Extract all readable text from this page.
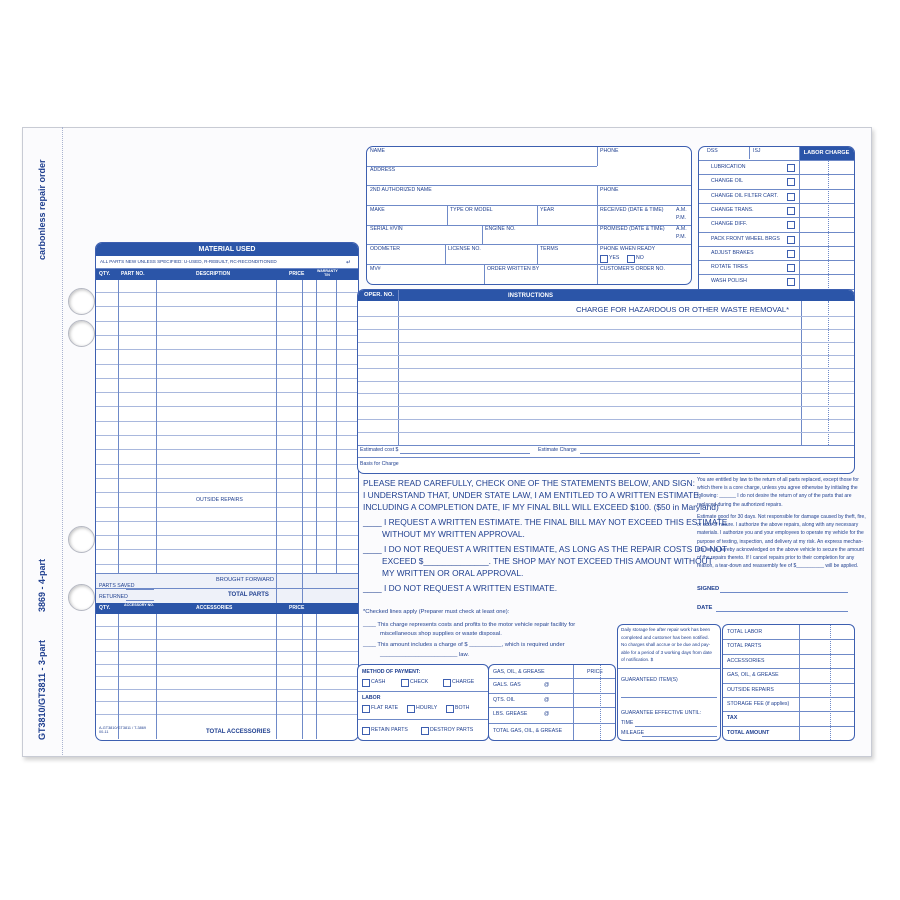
carbonless repair order
3869 - 4-part
GT3810/GT3811 - 3-part
MATERIAL USED
ALL PARTS NEW UNLESS SPECIFIED: U-USED, R-REBUILT, RC-RECONDITIONED	↵
QTY. PART NO.	DESCRIPTION	PRICE	WARRANTY T/N
OUTSIDE REPAIRS
BROUGHT FORWARD
PARTS SAVED
RETURNED	TOTAL PARTS
QTY.	ACCESSORY NO.	ACCESSORIES	PRICE
A-GT3810/GT3811 / T-3869
00-11	TOTAL ACCESSORIES
NAME	PHONE
ADDRESS
2ND AUTHORIZED NAME	PHONE
MAKE	TYPE OR MODEL	YEAR	RECEIVED (DATE & TIME) A.M.
P.M.
SERIAL #/VIN	ENGINE NO.	PROMISED (DATE & TIME) A.M.
P.M.
ODOMETER	LICENSE NO.	TERMS	PHONE WHEN READY
YES	NO
MV#	ORDER WRITTEN BY	CUSTOMER'S ORDER NO.
DSS	ISJ	LABOR CHARGE
LUBRICATION
CHANGE OIL
CHANGE OIL FILTER CART.
CHANGE TRANS.
CHANGE DIFF.
PACK FRONT WHEEL BRGS
ADJUST BRAKES
ROTATE TIRES
WASH POLISH
OPER. NO.	INSTRUCTIONS
CHARGE FOR HAZARDOUS OR OTHER WASTE REMOVAL*
Estimated cost $	Estimate Charge
Basis for Charge
PLEASE READ CAREFULLY, CHECK ONE OF THE STATEMENTS BELOW, AND SIGN:
I UNDERSTAND THAT, UNDER STATE LAW, I AM ENTITLED TO A WRITTEN ESTIMATE,
INCLUDING A COMPLETION DATE, IF MY FINAL BILL WILL EXCEED $100. ($50 in Maryland)
____ I REQUEST A WRITTEN ESTIMATE. THE FINAL BILL MAY NOT EXCEED THIS ESTIMATE
WITHOUT MY WRITTEN APPROVAL.
____ I DO NOT REQUEST A WRITTEN ESTIMATE, AS LONG AS THE REPAIR COSTS DO NOT
EXCEED $______________. THE SHOP MAY NOT EXCEED THIS AMOUNT WITHOUT
MY WRITTEN OR ORAL APPROVAL.
____ I DO NOT REQUEST A WRITTEN ESTIMATE.
*Checked lines apply (Preparer must check at least one):
____ This charge represents costs and profits to the motor vehicle repair facility for
miscellaneous shop supplies or waste disposal.
____ This amount includes a charge of $ __________, which is required under
________________________ law.
You are entitled by law to the return of all parts replaced, except those for
which there is a core charge, unless you agree otherwise by initialing the
following: ______ I do not desire the return of any of the parts that are
replaced during the authorized repairs.
Estimate good for 30 days. Not responsible for damage caused by theft, fire,
or acts of nature. I authorize the above repairs, along with any necessary
materials. I authorize you and your employees to operate my vehicle for the
purpose of testing, inspection, and delivery at my risk. An express mechan-
ic's lien is hereby acknowledged on the above vehicle to secure the amount
of the repairs thereto. If I cancel repairs prior to their completion for any
reason, a tear-down and reassembly fee of $__________ will be applied.
SIGNED
DATE
METHOD OF PAYMENT:
CASH	CHECK	CHARGE
LABOR
FLAT RATE	HOURLY	BOTH
RETAIN PARTS	DESTROY PARTS
GAS, OIL, & GREASE	PRICE
GALS. GAS	@
QTS. OIL	@
LBS. GREASE	@
TOTAL GAS, OIL, & GREASE
Daily storage fee after repair work has been
completed and customer has been notified.
No charges shall accrue or be due and pay-
able for a period of 3 working days from date
of notification. $
GUARANTEED ITEM(S)
GUARANTEE EFFECTIVE UNTIL:
TIME
MILEAGE
TOTAL LABOR
TOTAL PARTS
ACCESSORIES
GAS, OIL, & GREASE
OUTSIDE REPAIRS
STORAGE FEE (if applies)
TAX
TOTAL AMOUNT
